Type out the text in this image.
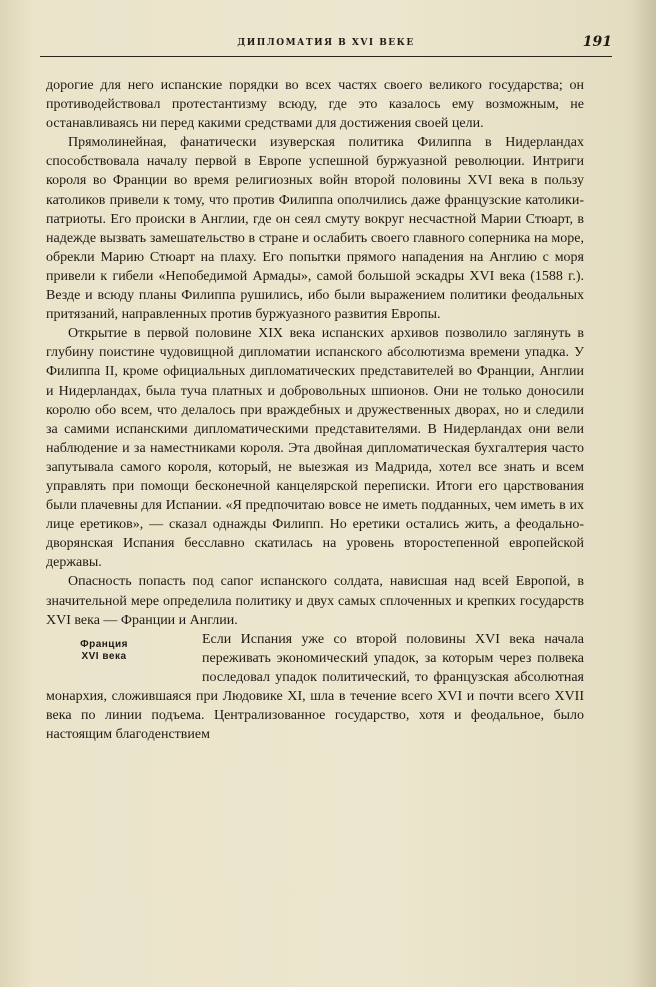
ДИПЛОМАТИЯ В XVI ВЕКЕ	191

дорогие для него испанские порядки во всех частях своего великого государства; он противодействовал протестантизму всюду, где это казалось ему возможным, не останавливаясь ни перед какими средствами для достижения своей цели.

Прямолинейная, фанатически изуверская политика Филиппа в Нидерландах способствовала началу первой в Европе успешной буржуазной революции. Интриги короля во Франции во время религиозных войн второй половины XVI века в пользу католиков привели к тому, что против Филиппа ополчились даже французские католики-патриоты. Его происки в Англии, где он сеял смуту вокруг несчастной Марии Стюарт, в надежде вызвать замешательство в стране и ослабить своего главного соперника на море, обрекли Марию Стюарт на плаху. Его попытки прямого нападения на Англию с моря привели к гибели «Непобедимой Армады», самой большой эскадры XVI века (1588 г.). Везде и всюду планы Филиппа рушились, ибо были выражением политики феодальных притязаний, направленных против буржуазного развития Европы.

Открытие в первой половине XIX века испанских архивов позволило заглянуть в глубину поистине чудовищной дипломатии испанского абсолютизма времени упадка. У Филиппа II, кроме официальных дипломатических представителей во Франции, Англии и Нидерландах, была туча платных и добровольных шпионов. Они не только доносили королю обо всем, что делалось при враждебных и дружественных дворах, но и следили за самими испанскими дипломатическими представителями. В Нидерландах они вели наблюдение и за наместниками короля. Эта двойная дипломатическая бухгалтерия часто запутывала самого короля, который, не выезжая из Мадрида, хотел все знать и всем управлять при помощи бесконечной канцелярской переписки. Итоги его царствования были плачевны для Испании. «Я предпочитаю вовсе не иметь подданных, чем иметь в их лице еретиков», — сказал однажды Филипп. Но еретики остались жить, а феодально-дворянская Испания бесславно скатилась на уровень второстепенной европейской державы.

Опасность попасть под сапог испанского солдата, нависшая над всей Европой, в значительной мере определила политику и двух самых сплоченных и крепких государств XVI века — Франции и Англии.

Франция
XVI века

Если Испания уже со второй половины XVI века начала переживать экономический упадок, за которым через полвека последовал упадок политический, то французская абсолютная монархия, сложившаяся при Людовике XI, шла в течение всего XVI и почти всего XVII века по линии подъема. Централизованное государство, хотя и феодальное, было настоящим благоденствием
